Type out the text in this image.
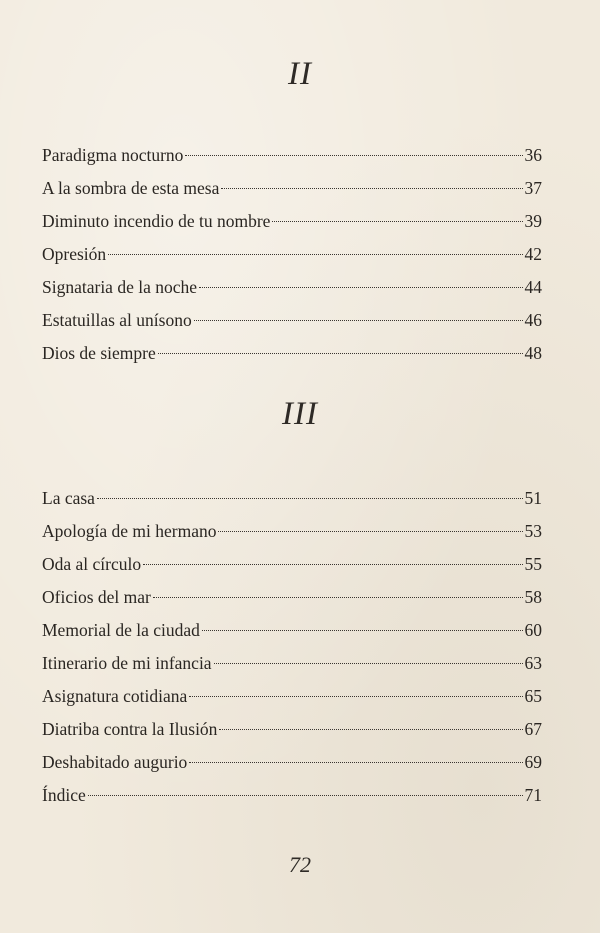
II
Paradigma nocturno	36
A la sombra de esta mesa	37
Diminuto incendio de tu nombre	39
Opresión	42
Signataria de la noche	44
Estatuillas al unísono	46
Dios de siempre	48
III
La casa	51
Apología de mi hermano	53
Oda al círculo	55
Oficios del mar	58
Memorial de la ciudad	60
Itinerario de mi infancia	63
Asignatura cotidiana	65
Diatriba contra la Ilusión	67
Deshabitado augurio	69
Índice	71
72
